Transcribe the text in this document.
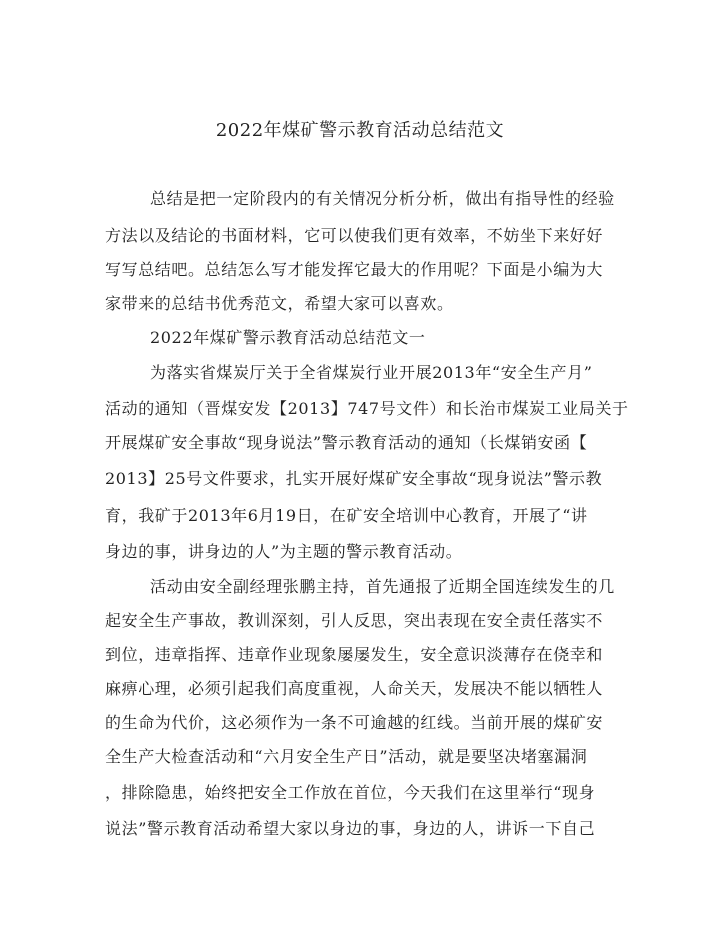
2022年煤矿警示教育活动总结范文
总结是把一定阶段内的有关情况分析分析，做出有指导性的经验
方法以及结论的书面材料，它可以使我们更有效率，不妨坐下来好好
写写总结吧。总结怎么写才能发挥它最大的作用呢？下面是小编为大
家带来的总结书优秀范文，希望大家可以喜欢。
2022年煤矿警示教育活动总结范文一
为落实省煤炭厅关于全省煤炭行业开展2013年“安全生产月”
活动的通知（晋煤安发【2013】747号文件）和长治市煤炭工业局关于
开展煤矿安全事故“现身说法”警示教育活动的通知（长煤销安函【
2013】25号文件要求，扎实开展好煤矿安全事故“现身说法”警示教
育，我矿于2013年6月19日，在矿安全培训中心教育，开展了“讲
身边的事，讲身边的人”为主题的警示教育活动。
活动由安全副经理张鹏主持，首先通报了近期全国连续发生的几
起安全生产事故，教训深刻，引人反思，突出表现在安全责任落实不
到位，违章指挥、违章作业现象屡屡发生，安全意识淡薄存在侥幸和
麻痹心理，必须引起我们高度重视，人命关天，发展决不能以牺牲人
的生命为代价，这必须作为一条不可逾越的红线。当前开展的煤矿安
全生产大检查活动和“六月安全生产日”活动，就是要坚决堵塞漏洞
，排除隐患，始终把安全工作放在首位，今天我们在这里举行“现身
说法”警示教育活动希望大家以身边的事，身边的人，讲诉一下自己
